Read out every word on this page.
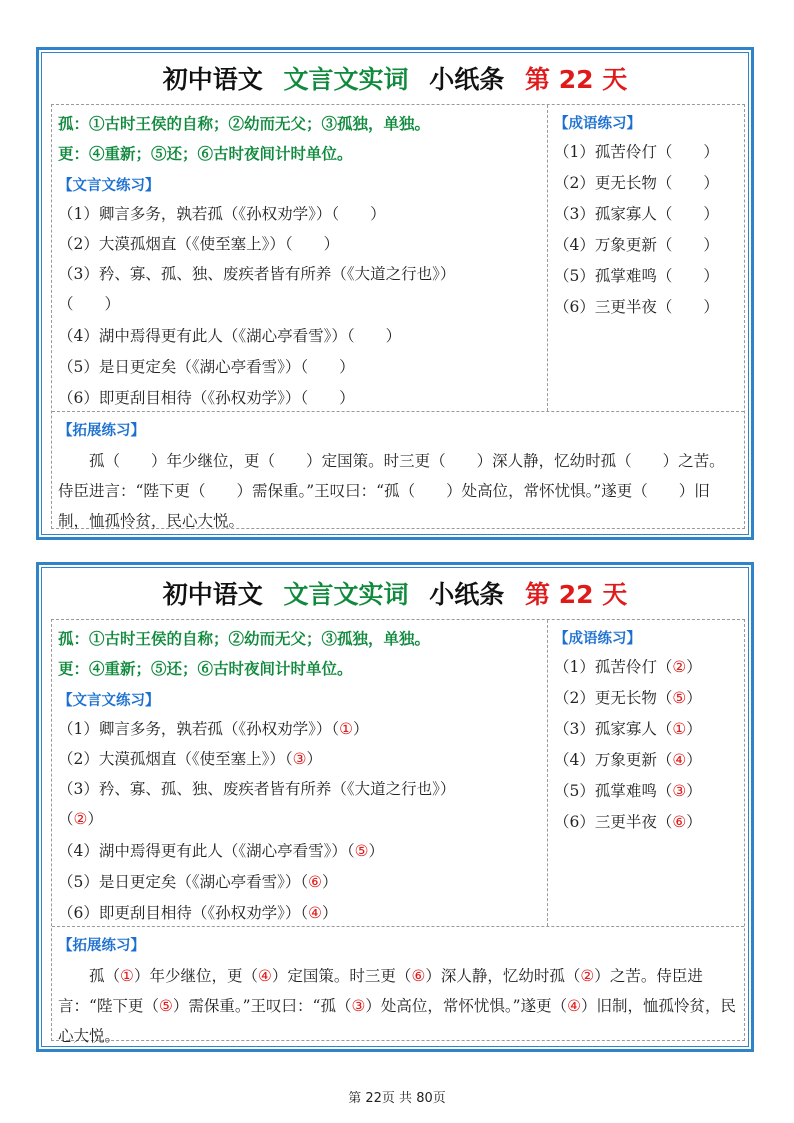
初中语文 文言文实词 小纸条 第 22 天
孤：①古时王侯的自称；②幼而无父；③孤独，单独。
更：④重新；⑤还；⑥古时夜间计时单位。
【文言文练习】
（1）卿言多务，孰若孤（《孙权劝学》）（  ）
（2）大漠孤烟直（《使至塞上》）（  ）
（3）矜、寡、孤、独、废疾者皆有所养（《大道之行也》）
（  ）
（4）湖中焉得更有此人（《湖心亭看雪》）（  ）
（5）是日更定矣（《湖心亭看雪》）（  ）
（6）即更刮目相待（《孙权劝学》）（  ）
【成语练习】
（1）孤苦伶仃（  ）
（2）更无长物（  ）
（3）孤家寡人（  ）
（4）万象更新（  ）
（5）孤掌难鸣（  ）
（6）三更半夜（  ）
【拓展练习】
孤（  ）年少继位，更（  ）定国策。时三更（  ）深人静，忆幼时孤（  ）之苦。侍臣进言：“陛下更（  ）需保重。”王叹曰：“孤（  ）处高位，常怀忧惧。”遂更（  ）旧制，恤孤怜贫，民心大悦。
初中语文 文言文实词 小纸条 第 22 天
孤：①古时王侯的自称；②幼而无父；③孤独，单独。
更：④重新；⑤还；⑥古时夜间计时单位。
【文言文练习】
（1）卿言多务，孰若孤（《孙权劝学》）（①）
（2）大漠孤烟直（《使至塞上》）（③）
（3）矜、寡、孤、独、废疾者皆有所养（《大道之行也》）
（②）
（4）湖中焉得更有此人（《湖心亭看雪》）（⑤）
（5）是日更定矣（《湖心亭看雪》）（⑥）
（6）即更刮目相待（《孙权劝学》）（④）
【成语练习】
（1）孤苦伶仃（②）
（2）更无长物（⑤）
（3）孤家寡人（①）
（4）万象更新（④）
（5）孤掌难鸣（③）
（6）三更半夜（⑥）
【拓展练习】
孤（①）年少继位，更（④）定国策。时三更（⑥）深人静，忆幼时孤（②）之苦。侍臣进言：“陛下更（⑤）需保重。”王叹曰：“孤（③）处高位，常怀忧惧。”遂更（④）旧制，恤孤怜贫，民心大悦。
第 22页 共 80页
